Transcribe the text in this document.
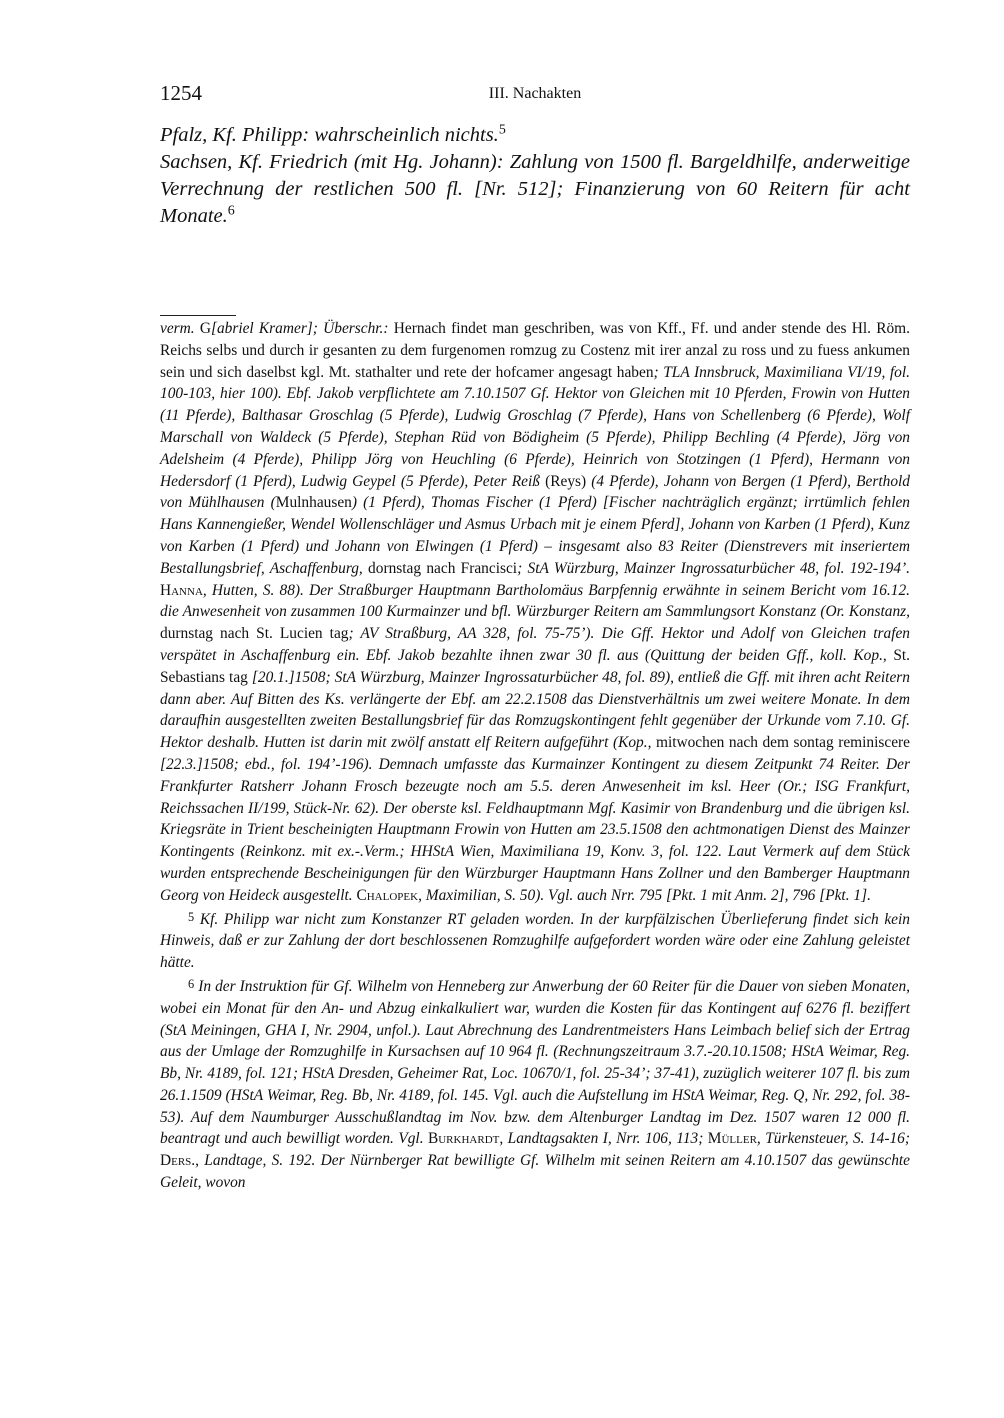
1254	III. Nachakten

Pfalz, Kf. Philipp: wahrscheinlich nichts.$^5$

Sachsen, Kf. Friedrich (mit Hg. Johann): Zahlung von 1500 fl. Bargeldhilfe, anderweitige Verrechnung der restlichen 500 fl. [Nr. 512]; Finanzierung von 60 Reitern für acht Monate.$^6$

verm. G[abriel Kramer]; Überschr.: Hernach findet man geschriben, was von Kff., Ff. und ander stende des Hl. Röm. Reichs selbs und durch ir gesanten zu dem furgenomen romzug zu Costenz mit irer anzal zu ross und zu fuess ankumen sein und sich daselbst kgl. Mt. stathalter und rete der hofcamer angesagt haben; TLA Innsbruck, Maximiliana VI/19, fol. 100-103, hier 100). Ebf. Jakob verpflichtete am 7.10.1507 Gf. Hektor von Gleichen mit 10 Pferden, Frowin von Hutten (11 Pferde), Balthasar Groschlag (5 Pferde), Ludwig Groschlag (7 Pferde), Hans von Schellenberg (6 Pferde), Wolf Marschall von Waldeck (5 Pferde), Stephan Rüd von Bödigheim (5 Pferde), Philipp Bechling (4 Pferde), Jörg von Adelsheim (4 Pferde), Philipp Jörg von Heuchling (6 Pferde), Heinrich von Stotzingen (1 Pferd), Hermann von Hedersdorf (1 Pferd), Ludwig Geypel (5 Pferde), Peter Reiß (Reys) (4 Pferde), Johann von Bergen (1 Pferd), Berthold von Mühlhausen (Mulnhausen) (1 Pferd), Thomas Fischer (1 Pferd) [Fischer nachträglich ergänzt; irrtümlich fehlen Hans Kannengießer, Wendel Wollenschläger und Asmus Urbach mit je einem Pferd], Johann von Karben (1 Pferd), Kunz von Karben (1 Pferd) und Johann von Elwingen (1 Pferd) – insgesamt also 83 Reiter (Dienstrevers mit inseriertem Bestallungsbrief, Aschaffenburg, dornstag nach Francisci; StA Würzburg, Mainzer Ingrossaturbücher 48, fol. 192-194’. Hanna, Hutten, S. 88). Der Straßburger Hauptmann Bartholomäus Barpfennig erwähnte in seinem Bericht vom 16.12. die Anwesenheit von zusammen 100 Kurmainzer und bfl. Würzburger Reitern am Sammlungsort Konstanz (Or. Konstanz, durnstag nach St. Lucien tag; AV Straßburg, AA 328, fol. 75-75’). Die Gff. Hektor und Adolf von Gleichen trafen verspätet in Aschaffenburg ein. Ebf. Jakob bezahlte ihnen zwar 30 fl. aus (Quittung der beiden Gff., koll. Kop., St. Sebastians tag [20.1.]1508; StA Würzburg, Mainzer Ingrossaturbücher 48, fol. 89), entließ die Gff. mit ihren acht Reitern dann aber. Auf Bitten des Ks. verlängerte der Ebf. am 22.2.1508 das Dienstverhältnis um zwei weitere Monate. In dem daraufhin ausgestellten zweiten Bestallungsbrief für das Romzugskontingent fehlt gegenüber der Urkunde vom 7.10. Gf. Hektor deshalb. Hutten ist darin mit zwölf anstatt elf Reitern aufgeführt (Kop., mitwochen nach dem sontag reminiscere [22.3.]1508; ebd., fol. 194’-196). Demnach umfasste das Kurmainzer Kontingent zu diesem Zeitpunkt 74 Reiter. Der Frankfurter Ratsherr Johann Frosch bezeugte noch am 5.5. deren Anwesenheit im ksl. Heer (Or.; ISG Frankfurt, Reichssachen II/199, Stück-Nr. 62). Der oberste ksl. Feldhauptmann Mgf. Kasimir von Brandenburg und die übrigen ksl. Kriegsräte in Trient bescheinigten Hauptmann Frowin von Hutten am 23.5.1508 den achtmonatigen Dienst des Mainzer Kontingents (Reinkonz. mit ex.-.Verm.; HHStA Wien, Maximiliana 19, Konv. 3, fol. 122. Laut Vermerk auf dem Stück wurden entsprechende Bescheinigungen für den Würzburger Hauptmann Hans Zollner und den Bamberger Hauptmann Georg von Heideck ausgestellt. Chalopek, Maximilian, S. 50). Vgl. auch Nrr. 795 [Pkt. 1 mit Anm. 2], 796 [Pkt. 1].

$^5$ Kf. Philipp war nicht zum Konstanzer RT geladen worden. In der kurpfälzischen Überlieferung findet sich kein Hinweis, daß er zur Zahlung der dort beschlossenen Romzughilfe aufgefordert worden wäre oder eine Zahlung geleistet hätte.

$^6$ In der Instruktion für Gf. Wilhelm von Henneberg zur Anwerbung der 60 Reiter für die Dauer von sieben Monaten, wobei ein Monat für den An- und Abzug einkalkuliert war, wurden die Kosten für das Kontingent auf 6276 fl. beziffert (StA Meiningen, GHA I, Nr. 2904, unfol.). Laut Abrechnung des Landrentmeisters Hans Leimbach belief sich der Ertrag aus der Umlage der Romzughilfe in Kursachsen auf 10 964 fl. (Rechnungszeitraum 3.7.-20.10.1508; HStA Weimar, Reg. Bb, Nr. 4189, fol. 121; HStA Dresden, Geheimer Rat, Loc. 10670/1, fol. 25-34’; 37-41), zuzüglich weiterer 107 fl. bis zum 26.1.1509 (HStA Weimar, Reg. Bb, Nr. 4189, fol. 145. Vgl. auch die Aufstellung im HStA Weimar, Reg. Q, Nr. 292, fol. 38-53). Auf dem Naumburger Ausschußlandtag im Nov. bzw. dem Altenburger Landtag im Dez. 1507 waren 12 000 fl. beantragt und auch bewilligt worden. Vgl. Burkhardt, Landtagsakten I, Nrr. 106, 113; Müller, Türkensteuer, S. 14-16; Ders., Landtage, S. 192. Der Nürnberger Rat bewilligte Gf. Wilhelm mit seinen Reitern am 4.10.1507 das gewünschte Geleit, wovon
